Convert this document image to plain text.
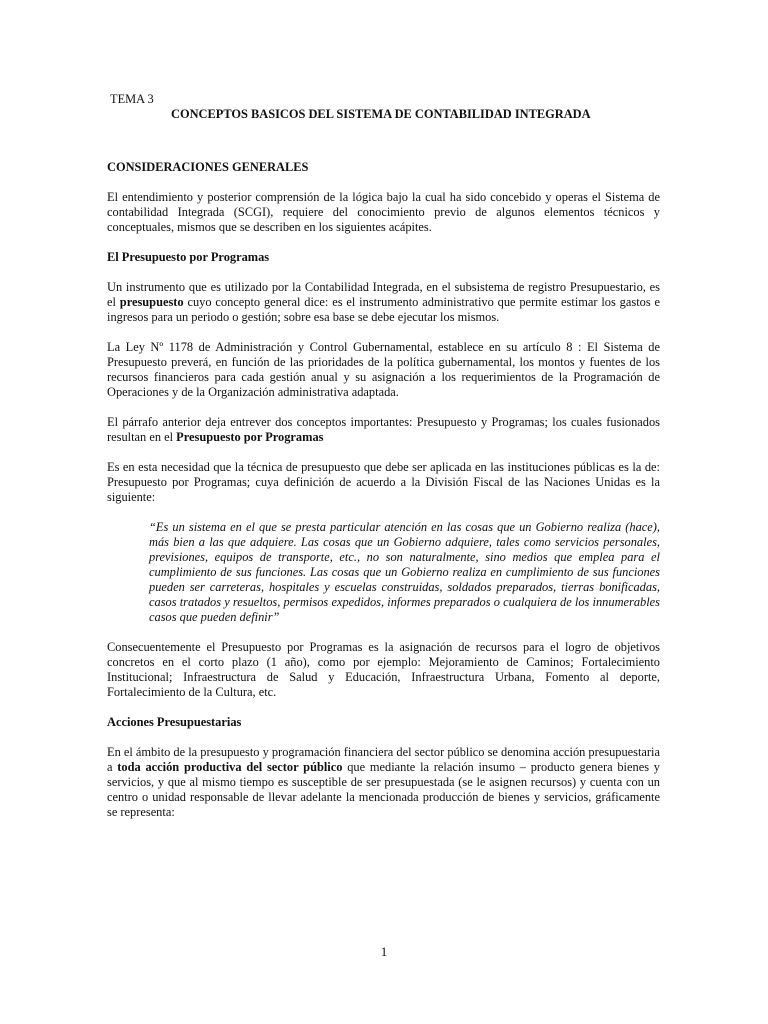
TEMA 3
CONCEPTOS BASICOS DEL SISTEMA DE CONTABILIDAD INTEGRADA
CONSIDERACIONES GENERALES

El entendimiento y posterior comprensión de la lógica bajo la cual ha sido concebido y operas el Sistema de contabilidad Integrada (SCGI), requiere del conocimiento previo de algunos elementos técnicos y conceptuales, mismos que se describen en los siguientes acápites.

El Presupuesto por Programas

Un instrumento que es utilizado por la Contabilidad Integrada, en el subsistema de registro Presupuestario, es el presupuesto cuyo concepto general dice: es el instrumento administrativo que permite estimar los gastos e ingresos para un periodo o gestión; sobre esa base se debe ejecutar los mismos.

La Ley Nº 1178 de Administración y Control Gubernamental, establece en su artículo 8 : El Sistema de Presupuesto preverá, en función de las prioridades de la política gubernamental, los montos y fuentes de los recursos financieros para cada gestión anual y su asignación a los requerimientos de la Programación de Operaciones y de la Organización administrativa adaptada.

El párrafo anterior deja entrever dos conceptos importantes: Presupuesto y Programas; los cuales fusionados resultan en el Presupuesto por Programas

Es en esta necesidad que la técnica de presupuesto que debe ser aplicada en las instituciones públicas es la de: Presupuesto por Programas; cuya definición de acuerdo a la División Fiscal de las Naciones Unidas es la siguiente:

“Es un sistema en el que se presta particular atención en las cosas que un Gobierno realiza (hace), más bien a las que adquiere. Las cosas que un Gobierno adquiere, tales como servicios personales, previsiones, equipos de transporte, etc., no son naturalmente, sino medios que emplea para el cumplimiento de sus funciones. Las cosas que un Gobierno realiza en cumplimiento de sus funciones pueden ser carreteras, hospitales y escuelas construidas, soldados preparados, tierras bonificadas, casos tratados y resueltos, permisos expedidos, informes preparados o cualquiera de los innumerables casos que pueden definir”

Consecuentemente el Presupuesto por Programas es la asignación de recursos para el logro de objetivos concretos en el corto plazo (1 año), como por ejemplo: Mejoramiento de Caminos; Fortalecimiento Institucional; Infraestructura de Salud y Educación, Infraestructura Urbana, Fomento al deporte, Fortalecimiento de la Cultura, etc.

Acciones Presupuestarias

En el ámbito de la presupuesto y programación financiera del sector público se denomina acción presupuestaria a toda acción productiva del sector público que mediante la relación insumo – producto genera bienes y servicios, y que al mismo tiempo es susceptible de ser presupuestada (se le asignen recursos) y cuenta con un centro o unidad responsable de llevar adelante la mencionada producción de bienes y servicios, gráficamente se representa:

1
